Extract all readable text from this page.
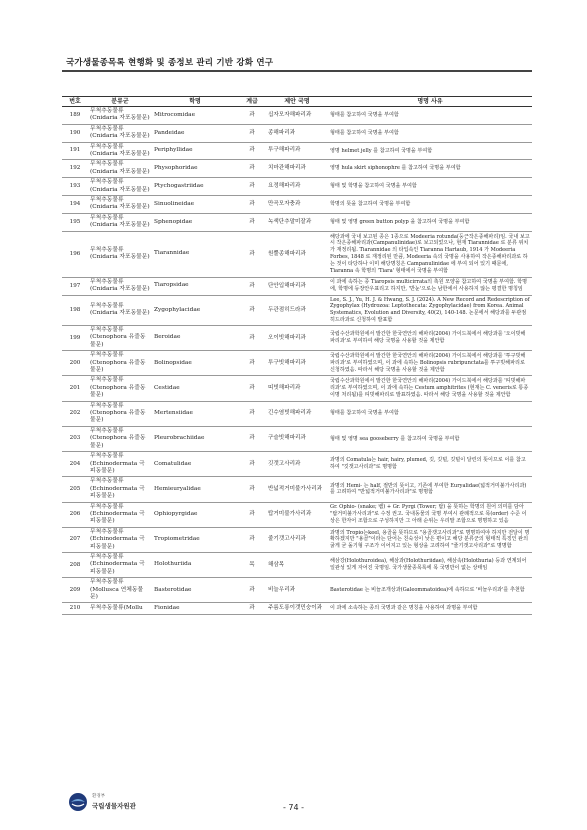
국가생물종목록 현행화 및 종정보 관리 기반 강화 연구
번호	분류군	학명	계급	제안 국명	명명 사유
189	무척추동물류(Cnidaria 자포동물문)	Mitrocomidae	과	십자모자해파리과	형태를 참고하여 국명을 부여함
190	무척추동물류(Cnidaria 자포동물문)	Pandeidae	과	종해파리과	형태를 참고하여 국명을 부여함
191	무척추동물류(Cnidaria 자포동물문)	Periphyllidae	과	투구해파리과	영명 helmet jelly 를 참고하여 국명을 부여함
192	무척추동물류(Cnidaria 자포동물문)	Physophoridae	과	치마관해파리과	영명 hula skirt siphonophre 를 참고하여 국명을 부여함
193	무척추동물류(Cnidaria 자포동물문)	Ptychogastriidae	과	요정해파리과	형태 및 학명을 참고하여 국명을 부여함
194	무척추동물류(Cnidaria 자포동물문)	Sinuolineidae	과	만곡모자충과	학명의 뜻을 참고하여 국명을 부여함
195	무척추동물류(Cnidaria 자포동물문)	Sphenopidae	과	녹색단추말미잘과	형태 및 영명 green button polyp 을 참고하여 국명을 부여함
196	무척추동물류(Cnidaria 자포동물문)	Tiarannidae	과	원뿔종해파리과	해당과에 국내 보고된 종은 1종으로 Modeeria rotunda(둥근작은종해파리)임. 국내 보고시 작은종해파리과(Campanulinidae)로 보고되었으나, 현재 Tiarannidae 로 분류 위치가 재정리됨. Tiarannidae 의 타입속인 Tiaranna Hartaub, 1914 가 Modeeria Forbes, 1848 로 재정리된 만큼, Modeeria 속의 국명을 사용하여 작은종해파리과로 하는 것이 타당하나 이미 해당명칭은 Campanulinidae 에 부여 되어 있기 때문에, Tiaranna 속 학명의 'Tiara' 형태에서 국명을 부여함
197	무척추동물류(Cnidaria 자포동물문)	Tiaropsidae	과	단안입해파리과	이 과에 속하는 종 Tiaropsis multicirrata의 촉원 모양을 참고하여 국명을 부여함. 학명에, 학명에 등장안우표리고 하지만, '반눈'으로는 남한에서 사용하지 않는 평결한 명칭임
198	무척추동물류(Cnidaria 자포동물문)	Zygophylacidae	과	두관점히드라과	Lee, S. J., Yu, H. J. & Hwang, S. J. (2024). A New Record and Redescription of Zygophylax (Hydrozoa: Leptothecata: Zygophylacidae) from Korea. Animal Systematics, Evolution and Diversity, 40(2), 140-148. 논문에서 해당과를 두관점히드라과로 신청하여 발표함
199	무척추동물류(Ctenophora 유즐동물문)	Beroidae	과	오이빗해파리과	국립수산과학원에서 발간한 한국연안의 해파리(2004) 가이드북에서 해당과를 '오이빗해파리과'로 부여하여 해당 국명을 사용할 것을 제안함
200	무척추동물류(Ctenophora 유즐동물문)	Bolinopsidae	과	투구빗해파리과	국립수산과학원에서 발간한 한국연안의 해파리(2004) 가이드북에서 해당과를 '투구빗해파리과'로 부여하였으며, 이 과에 속하는 Bolinopsis rubripunctata를 투구빗해파리로 신청하였음. 따라서 해당 국명을 사용할 것을 제안함
201	무척추동물류(Ctenophora 유즐동물문)	Cestidae	과	띠빗해파리과	국립수산과학원에서 발간한 한국연안의 해파리(2004) 가이드북에서 해당과를 '띠빗해파리과'로 부여하였으며, 이 과에 속하는 Cestum amphitrites (현재는 C. veneris로 통종이명 처리됨)를 띠빗해파리로 발표하였음. 따라서 해당 국명을 사용할 것을 제안함
202	무척추동물류(Ctenophora 유즐동물문)	Mertensiidae	과	긴수염빗해파리과	형태를 참고하여 국명을 부여함
203	무척추동물류(Ctenophora 유즐동물문)	Pleurobrachiidae	과	구슬빗해파리과	형태 및 영명 sea gooseberry 를 참고하여 국명을 부여함
204	무척추동물류(Echinodermata 극피동물문)	Comatulidae	과	깃갯고사리과	과명의 Comatula는 hair, hairy, plumed, 깃, 깃털, 깃털이 달린의 뜻이므로 이를 참고하여 "깃갯고사리과"로 명명함
205	무척추동물류(Echinodermata 극피동물문)	Hemieuryalidae	과	반넓적거미불가사리과	과명의 Hemi- 는 half, 절반의 뜻이고, 기존에 부여한 Euryalidae(넓적거미불가사리과)를 고려하여 "반넓적거미불가사리과"로 명명함
206	무척추동물류(Echinodermata 극피동물문)	Ophiopyrgidae	과	탑거미불가사리과	Gr. Ophio- (snake; 뱀) + Gr. Pyrgi (Tower; 탑) 을 뜻하는 학명의 원어 의미를 담아 "탑거미불가사리과"로 수정 권고. 국내동물의 국명 부여시 관례적으로 목(order) 수준 이상은 한자어 조합으로 구성하지만 그 아래 순위는 우리말 조합으로 명명하고 있음
207	무척추동물류(Echinodermata 극피동물문)	Tropiometridae	과	줄기갯고사리과	과명의 Tropio는keel, 용골을 뜻하므로 "용골갯고사리과"로 명명하여야 하지만 전달이 명확하겠지만 "용골"이라는 단어는 친숙성이 낮은 편이고 해당 분류군의 형태적 특징인 완의 굵게 굳 돌기형 구조가 이어지고 있는 형상을 고려하여 "줄기갯고사리과"로 명명함
208	무척추동물류(Echinodermata 극피동물문)	Holothuriida	목	해삼목	해삼강(Holothuroidea), 해삼과(Holothuriidae), 해삼속(Holothuria) 등과 연계되어 일관성 있게 자어진 국명임. 국가생물종목록에 목 국명만이 없는 상태임
209	무척추동물류(Mollusca 연체동물문)	Basterotidae	과	비늘우리과	Basterotidae 는 비늘조개상과(Galeommatoidea)에 속하므로 '비늘우리과'를 추천함
210	무척추동물류(Mollu	Fionidae	과	주름도롱이갯민숭이과	이 과에 소속하는 종의 국명과 같은 명칭을 사용하여 과명을 부여함
환경부
국립생물자원관	- 74 -
